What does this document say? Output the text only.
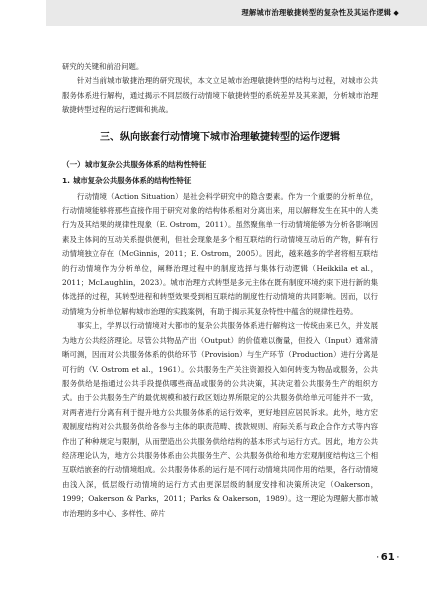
理解城市治理敏捷转型的复杂性及其运作逻辑 ◆

研究的关键和前沿问题。

针对当前城市敏捷治理的研究现状，本文立足城市治理敏捷转型的结构与过程，对城市公共服务体系进行解构，通过揭示不同层级行动情境下敏捷转型的系统差异及其来源，分析城市治理敏捷转型过程的运行逻辑和挑战。

三、纵向嵌套行动情境下城市治理敏捷转型的运作逻辑
（一）城市复杂公共服务体系的结构性特征
1. 城市复杂公共服务体系的结构性特征

行动情境（Action Situation）是社会科学研究中的隐含要素。作为一个重要的分析单位，行动情境能够将那些直接作用于研究对象的结构体系相对分离出来，用以解释发生在其中的人类行为及其结果的规律性现象（E. Ostrom，2011）。虽然聚焦单一行动情境能够为分析各影响因素及主体间的互动关系提供便利，但社会现象是多个相互联结的行动情境互动后的产物，鲜有行动情境独立存在（McGinnis，2011；E. Ostrom，2005）。因此，越来越多的学者将相互联结的行动情境作为分析单位，阐释治理过程中的制度选择与集体行动逻辑（Heikkila et al.，2011；McLaughlin，2023）。城市治理方式转型是多元主体在既有制度环境约束下进行新的集体选择的过程，其转型进程和转型效果受到相互联结的制度性行动情境的共同影响。因而，以行动情境为分析单位解构城市治理的实践案例，有助于揭示其复杂特性中蕴含的规律性趋势。

事实上，学界以行动情境对大都市的复杂公共服务体系进行解构这一传统由来已久，并发展为地方公共经济理论。尽管公共物品产出（Output）的价值难以衡量，但投入（Input）通常清晰可测，因而对公共服务体系的供给环节（Provision）与生产环节（Production）进行分离是可行的（V. Ostrom et al.，1961）。公共服务生产关注资源投入如何转变为物品或服务，公共服务供给是指通过公共手段提供哪些商品或服务的公共决策，其决定着公共服务生产的组织方式。由于公共服务生产的最优规模和被行政区划边界所限定的公共服务供给单元可能并不一致，对两者进行分离有利于提升地方公共服务体系的运行效率，更好地回应居民诉求。此外，地方宏观制度结构对公共服务供给各参与主体的职责范畴、拨款规则、府际关系与政企合作方式等内容作出了种种规定与限制，从而塑造出公共服务供给结构的基本形式与运行方式。因此，地方公共经济理论认为，地方公共服务体系由公共服务生产、公共服务供给和地方宏观制度结构这三个相互联结嵌套的行动情境组成。公共服务体系的运行是不同行动情境共同作用的结果，各行动情境由浅入深，低层级行动情境的运行方式由更深层级的制度安排和决策所决定（Oakerson，1999；Oakerson & Parks，2011；Parks & Oakerson，1989）。这一理论为理解大都市城市治理的多中心、多样性、碎片

· 61 ·
